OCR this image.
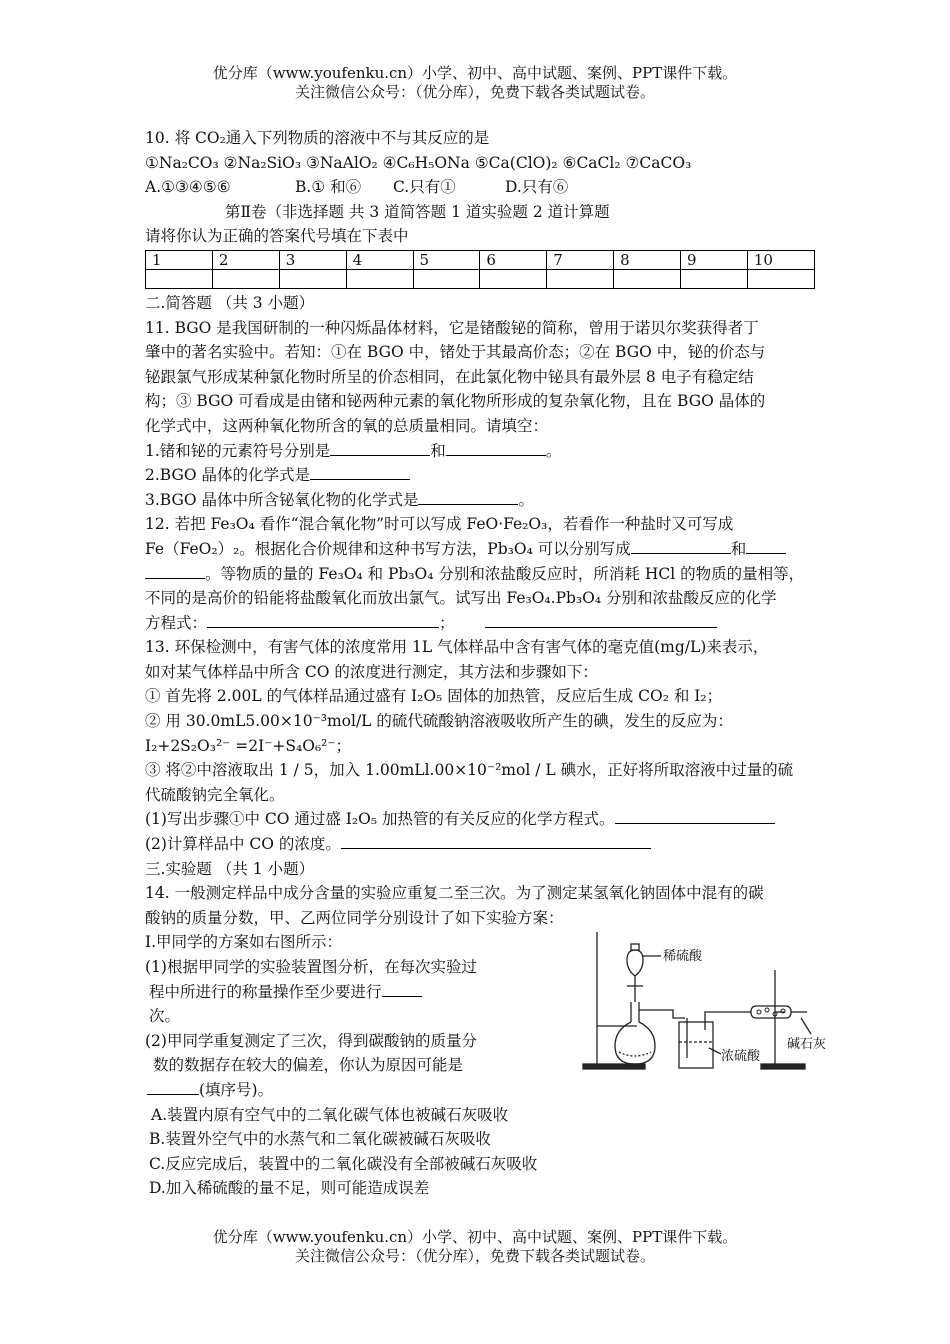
优分库（www.youfenku.cn）小学、初中、高中试题、案例、PPT课件下载。
关注微信公众号：（优分库），免费下载各类试题试卷。
10. 将 CO₂通入下列物质的溶液中不与其反应的是
①Na₂CO₃ ②Na₂SiO₃ ③NaAlO₂ ④C₆H₅ONa ⑤Ca(ClO)₂ ⑥CaCl₂ ⑦CaCO₃
A.①③④⑤⑥	B.① 和⑥ C.只有①	D.只有⑥
第Ⅱ卷（非选择题 共 3 道简答题 1 道实验题 2 道计算题
请将你认为正确的答案代号填在下表中
1	2	3	4	5	6	7	8	9	10

二.简答题 （共 3 小题）
11. BGO 是我国研制的一种闪烁晶体材料，它是锗酸铋的简称，曾用于诺贝尔奖获得者丁
肇中的著名实验中。若知：①在 BGO 中，锗处于其最高价态；②在 BGO 中，铋的价态与
铋跟氯气形成某种氯化物时所呈的价态相同，在此氯化物中铋具有最外层 8 电子有稳定结
构；③ BGO 可看成是由锗和铋两种元素的氧化物所形成的复杂氧化物，且在 BGO 晶体的
化学式中，这两种氧化物所含的氧的总质量相同。请填空：
1.锗和铋的元素符号分别是	和	。
2.BGO 晶体的化学式是
3.BGO 晶体中所含铋氧化物的化学式是	。
12. 若把 Fe₃O₄ 看作“混合氧化物”时可以写成 FeO·Fe₂O₃，若看作一种盐时又可写成
Fe（FeO₂）₂。根据化合价规律和这种书写方法，Pb₃O₄ 可以分别写成	和
。等物质的量的 Fe₃O₄ 和 Pb₃O₄ 分别和浓盐酸反应时，所消耗 HCl 的物质的量相等，
不同的是高价的铅能将盐酸氧化而放出氯气。试写出 Fe₃O₄.Pb₃O₄ 分别和浓盐酸反应的化学
方程式：	；
13. 环保检测中，有害气体的浓度常用 1L 气体样品中含有害气体的毫克值(mg/L)来表示，
如对某气体样品中所含 CO 的浓度进行测定，其方法和步骤如下：
① 首先将 2.00L 的气体样品通过盛有 I₂O₅ 固体的加热管，反应后生成 CO₂ 和 I₂；
② 用 30.0mL5.00×10⁻³mol/L 的硫代硫酸钠溶液吸收所产生的碘，发生的反应为：
I₂+2S₂O₃²⁻ =2I⁻+S₄O₆²⁻；
③ 将②中溶液取出 1 / 5，加入 1.00mLl.00×10⁻²mol / L 碘水，正好将所取溶液中过量的硫
代硫酸钠完全氧化。
(1)写出步骤①中 CO 通过盛 I₂O₅ 加热管的有关反应的化学方程式。
(2)计算样品中 CO 的浓度。
三.实验题 （共 1 小题）
14. 一般测定样品中成分含量的实验应重复二至三次。为了测定某氢氧化钠固体中混有的碳
酸钠的质量分数，甲、乙两位同学分别设计了如下实验方案：
I.甲同学的方案如右图所示：
(1)根据甲同学的实验装置图分析，在每次实验过
程中所进行的称量操作至少要进行
次。
(2)甲同学重复测定了三次，得到碳酸钠的质量分
数的数据存在较大的偏差，你认为原因可能是
(填序号)。
稀硫酸
碱石灰
浓硫酸
A.装置内原有空气中的二氧化碳气体也被碱石灰吸收
B.装置外空气中的水蒸气和二氧化碳被碱石灰吸收
C.反应完成后，装置中的二氧化碳没有全部被碱石灰吸收
D.加入稀硫酸的量不足，则可能造成误差
优分库（www.youfenku.cn）小学、初中、高中试题、案例、PPT课件下载。
关注微信公众号：（优分库），免费下载各类试题试卷。
